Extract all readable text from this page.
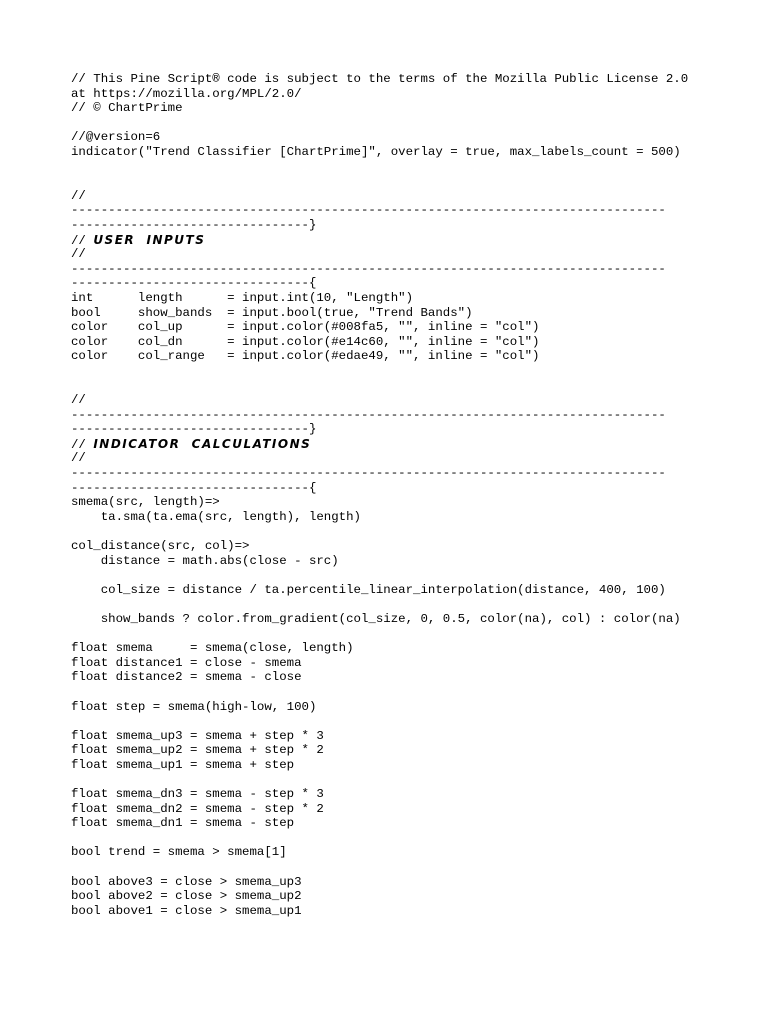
// This Pine Script® code is subject to the terms of the Mozilla Public License 2.0
at https://mozilla.org/MPL/2.0/
// © ChartPrime
//@version=6
indicator("Trend Classifier [ChartPrime]", overlay = true, max_labels_count = 500)
//
--------------------------------------------------------------------------------
--------------------------------}
// USER  INPUTS
//
--------------------------------------------------------------------------------
--------------------------------{
int      length      = input.int(10, "Length")
bool     show_bands  = input.bool(true, "Trend Bands")
color    col_up      = input.color(#008fa5, "", inline = "col")
color    col_dn      = input.color(#e14c60, "", inline = "col")
color    col_range   = input.color(#edae49, "", inline = "col")
//
--------------------------------------------------------------------------------
--------------------------------}
// INDICATOR  CALCULATIONS
//
--------------------------------------------------------------------------------
--------------------------------{
smema(src, length)=>
ta.sma(ta.ema(src, length), length)
col_distance(src, col)=>
distance = math.abs(close - src)
col_size = distance / ta.percentile_linear_interpolation(distance, 400, 100)
show_bands ? color.from_gradient(col_size, 0, 0.5, color(na), col) : color(na)
float smema     = smema(close, length)
float distance1 = close - smema
float distance2 = smema - close
float step = smema(high-low, 100)
float smema_up3 = smema + step * 3
float smema_up2 = smema + step * 2
float smema_up1 = smema + step
float smema_dn3 = smema - step * 3
float smema_dn2 = smema - step * 2
float smema_dn1 = smema - step
bool trend = smema > smema[1]
bool above3 = close > smema_up3
bool above2 = close > smema_up2
bool above1 = close > smema_up1
